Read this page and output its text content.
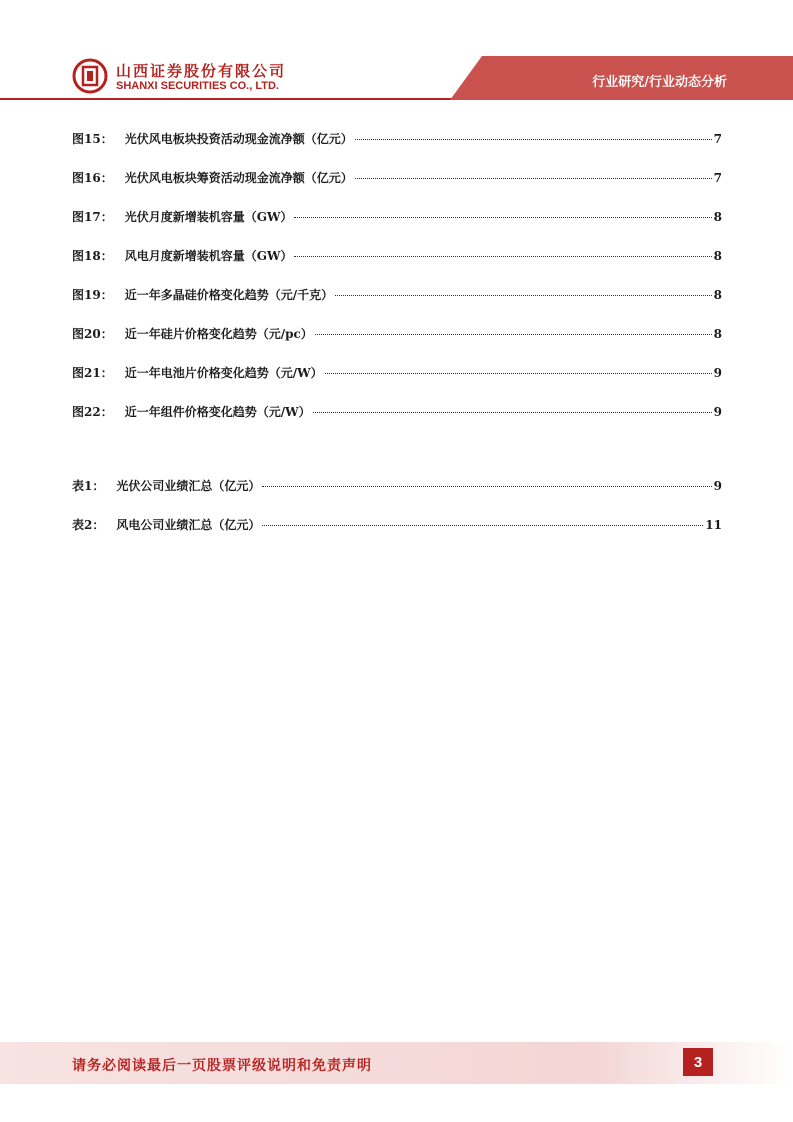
山西证券股份有限公司
SHANXI SECURITIES CO., LTD.	行业研究/行业动态分析
图15： 光伏风电板块投资活动现金流净额（亿元）	7
图16： 光伏风电板块筹资活动现金流净额（亿元）	7
图17： 光伏月度新增装机容量（GW）	8
图18： 风电月度新增装机容量（GW）	8
图19： 近一年多晶硅价格变化趋势（元/千克）	8
图20： 近一年硅片价格变化趋势（元/pc）	8
图21： 近一年电池片价格变化趋势（元/W）	9
图22： 近一年组件价格变化趋势（元/W）	9
表1： 光伏公司业绩汇总（亿元）	9
表2： 风电公司业绩汇总（亿元）	11
请务必阅读最后一页股票评级说明和免责声明	3
